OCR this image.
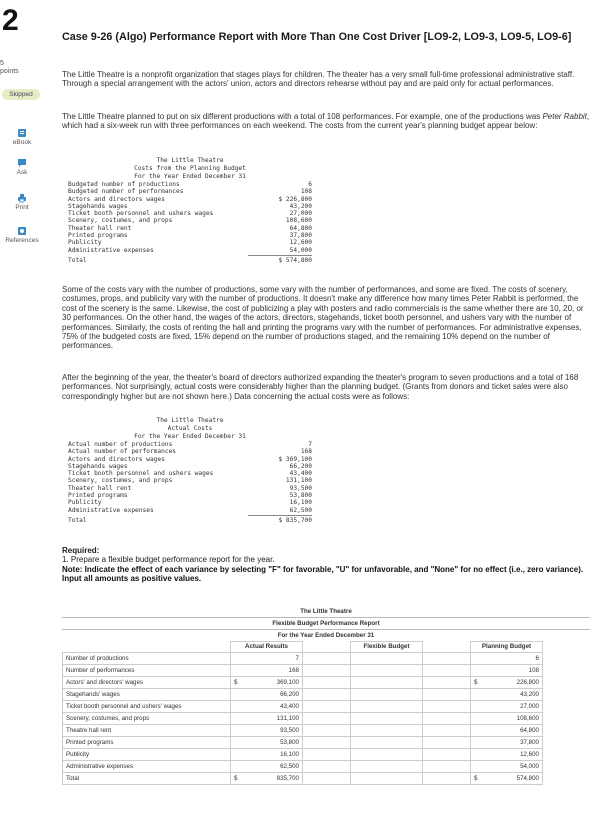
2
5
points
Skipped
eBook
Ask
Print
References
Case 9-26 (Algo) Performance Report with More Than One Cost Driver [LO9-2, LO9-3, LO9-5, LO9-6]
The Little Theatre is a nonprofit organization that stages plays for children. The theater has a very small full-time professional administrative staff. Through a special arrangement with the actors' union, actors and directors rehearse without pay and are paid only for actual performances.
The Little Theatre planned to put on six different productions with a total of 108 performances. For example, one of the productions was Peter Rabbit, which had a six-week run with three performances on each weekend. The costs from the current year's planning budget appear below:
The Little Theatre
Costs from the Planning Budget
For the Year Ended December 31
Budgeted number of productions	6
Budgeted number of performances	108
Actors and directors wages	$ 226,800
Stagehands wages	43,200
Ticket booth personnel and ushers wages	27,000
Scenery, costumes, and props	108,600
Theater hall rent	64,800
Printed programs	37,800
Publicity	12,600
Administrative expenses	54,000
Total	$ 574,800
Some of the costs vary with the number of productions, some vary with the number of performances, and some are fixed. The costs of scenery, costumes, props, and publicity vary with the number of productions. It doesn't make any difference how many times Peter Rabbit is performed, the cost of the scenery is the same. Likewise, the cost of publicizing a play with posters and radio commercials is the same whether there are 10, 20, or 30 performances. On the other hand, the wages of the actors, directors, stagehands, ticket booth personnel, and ushers vary with the number of performances. Similarly, the costs of renting the hall and printing the programs vary with the number of performances. For administrative expenses, 75% of the budgeted costs are fixed, 15% depend on the number of productions staged, and the remaining 10% depend on the number of performances.
After the beginning of the year, the theater's board of directors authorized expanding the theater's program to seven productions and a total of 168 performances. Not surprisingly, actual costs were considerably higher than the planning budget. (Grants from donors and ticket sales were also correspondingly higher but are not shown here.) Data concerning the actual costs were as follows:
The Little Theatre
Actual Costs
For the Year Ended December 31
Actual number of productions	7
Actual number of performances	168
Actors and directors wages	$ 369,100
Stagehands wages	66,200
Ticket booth personnel and ushers wages	43,400
Scenery, costumes, and props	131,100
Theater hall rent	93,500
Printed programs	53,800
Publicity	16,100
Administrative expenses	62,500
Total	$ 835,700
Required:
1. Prepare a flexible budget performance report for the year.
Note: Indicate the effect of each variance by selecting "F" for favorable, "U" for unfavorable, and "None" for no effect (i.e., zero variance). Input all amounts as positive values.
The Little Theatre
Flexible Budget Performance Report
For the Year Ended December 31
	Actual Results		Flexible Budget		Planning Budget	
Number of productions	7				6	
Number of performances	168				108	
Actors' and directors' wages	$ 369,100				$ 226,800	
Stagehands' wages	66,200				43,200	
Ticket booth personnel and ushers' wages	43,400				27,000	
Scenery, costumes, and props	131,100				108,600	
Theatre hall rent	93,500				64,800	
Printed programs	53,800				37,800	
Publicity	16,100				12,600	
Administrative expenses	62,500				54,000	
Total	$ 835,700				$ 574,800	
